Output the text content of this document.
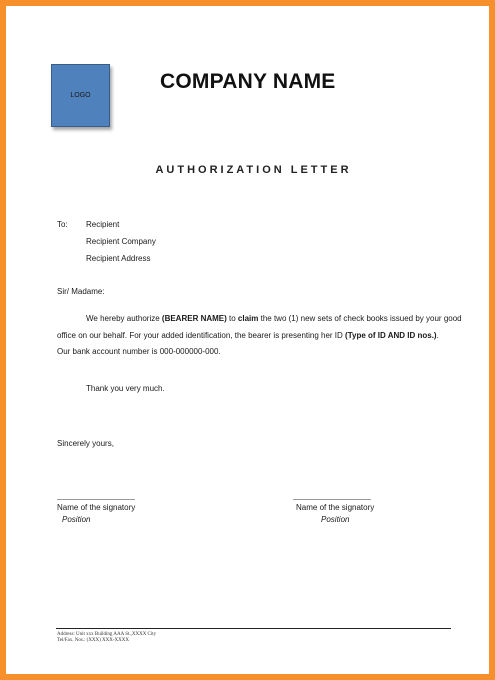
LOGO
COMPANY NAME
AUTHORIZATION LETTER
To: Recipient
Recipient Company
Recipient Address
Sir/ Madame:
We hereby authorize (BEARER NAME) to claim the two (1) new sets of check books issued by your good
office on our behalf. For your added identification, the bearer is presenting her ID (Type of ID AND ID nos.).
Our bank account number is 000-000000-000.
Thank you very much.
Sincerely yours,
Name of the signatory
Position
Name of the signatory
Position
Address: Unit xxx Building AAA St.,XXXX City
Tel/Fax. Nos.: (XXX) XXX-XXXX
